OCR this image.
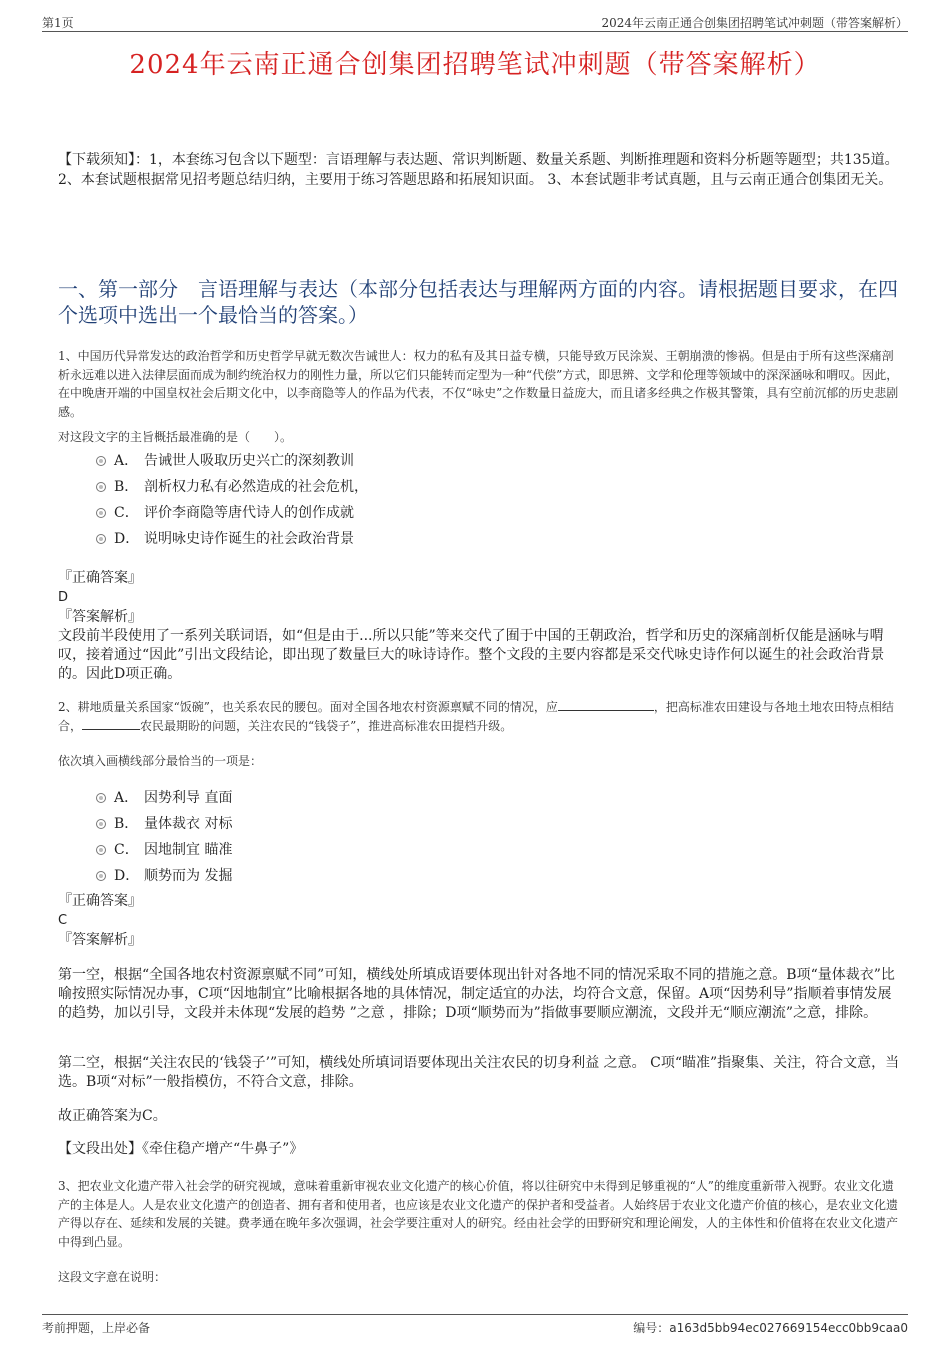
第1页	2024年云南正通合创集团招聘笔试冲刺题（带答案解析）
2024年云南正通合创集团招聘笔试冲刺题（带答案解析）
【下载须知】：1，本套练习包含以下题型：言语理解与表达题、常识判断题、数量关系题、判断推理题和资料分析题等题型；共135道。 2、本套试题根据常见招考题总结归纳，主要用于练习答题思路和拓展知识面。 3、本套试题非考试真题，且与云南正通合创集团无关。
一、第一部分　言语理解与表达（本部分包括表达与理解两方面的内容。请根据题目要求，在四个选项中选出一个最恰当的答案。）
1、中国历代异常发达的政治哲学和历史哲学早就无数次告诫世人：权力的私有及其日益专横，只能导致万民涂炭、王朝崩溃的惨祸。但是由于所有这些深痛剖析永远难以进入法律层面而成为制约统治权力的刚性力量，所以它们只能转而定型为一种“代偿”方式，即思辨、文学和伦理等领域中的深深涵咏和喟叹。因此，在中晚唐开端的中国皇权社会后期文化中，以李商隐等人的作品为代表，不仅“咏史”之作数量日益庞大，而且诸多经典之作极其警策，具有空前沉郁的历史悲剧感。
对这段文字的主旨概括最准确的是（　　）。
A． 告诫世人吸取历史兴亡的深刻教训
B． 剖析权力私有必然造成的社会危机，
C． 评价李商隐等唐代诗人的创作成就
D． 说明咏史诗作诞生的社会政治背景
『正确答案』
D
『答案解析』
文段前半段使用了一系列关联词语，如“但是由于...所以只能”等来交代了囿于中国的王朝政治，哲学和历史的深痛剖析仅能是涵咏与喟叹，接着通过“因此”引出文段结论，即出现了数量巨大的咏诗诗作。整个文段的主要内容都是采交代咏史诗作何以诞生的社会政治背景的。因此D项正确。
2、耕地质量关系国家“饭碗”，也关系农民的腰包。面对全国各地农村资源禀赋不同的情况，应	，把高标准农田建设与各地土地农田特点相结合，	农民最期盼的问题，关注农民的“钱袋子”，推进高标准农田提档升级。
依次填入画横线部分最恰当的一项是：
A． 因势利导 直面
B． 量体裁衣 对标
C． 因地制宜 瞄准
D． 顺势而为 发掘
『正确答案』
C
『答案解析』
第一空，根据“全国各地农村资源禀赋不同”可知，横线处所填成语要体现出针对各地不同的情况采取不同的措施之意。B项“量体裁衣”比喻按照实际情况办事，C项“因地制宜”比喻根据各地的具体情况，制定适宜的办法，均符合文意，保留。A项“因势利导”指顺着事情发展的趋势，加以引导，文段并未体现“发展的趋势 ”之意 ，排除；D项“顺势而为”指做事要顺应潮流，文段并无“顺应潮流”之意，排除。
第二空，根据“关注农民的‘钱袋子’”可知，横线处所填词语要体现出关注农民的切身利益 之意。 C项“瞄准”指聚集、关注，符合文意，当选。B项“对标”一般指模仿，不符合文意，排除。
故正确答案为C。
【文段出处】《牵住稳产增产“牛鼻子”》
3、把农业文化遗产带入社会学的研究视域，意味着重新审视农业文化遗产的核心价值，将以往研究中未得到足够重视的“人”的维度重新带入视野。农业文化遗产的主体是人。人是农业文化遗产的创造者、拥有者和使用者，也应该是农业文化遗产的保护者和受益者。人始终居于农业文化遗产价值的核心，是农业文化遗产得以存在、延续和发展的关键。费孝通在晚年多次强调，社会学要注重对人的研究。经由社会学的田野研究和理论阐发，人的主体性和价值将在农业文化遗产中得到凸显。
这段文字意在说明：
考前押题，上岸必备	编号：a163d5bb94ec027669154ecc0bb9caa0
